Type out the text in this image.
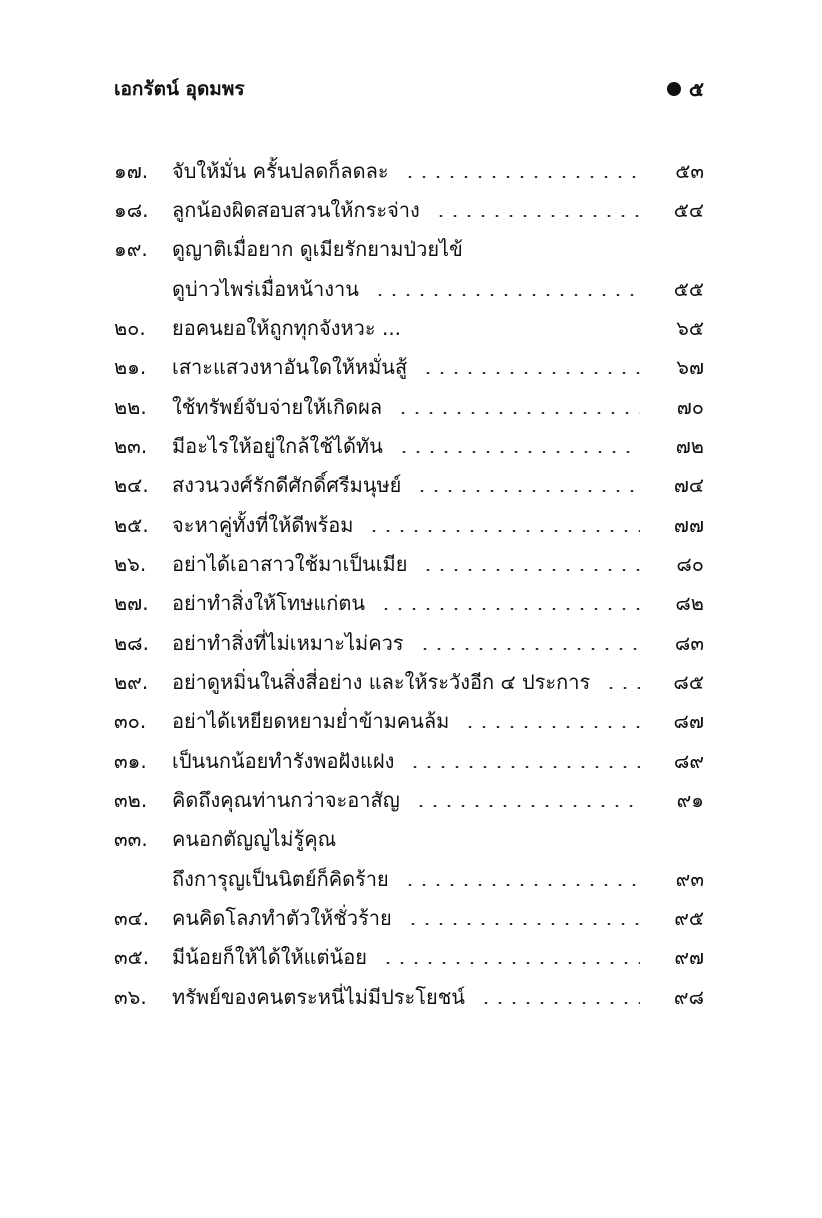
เอกรัตน์ อุดมพร	๕
๑๗.	จับให้มั่น ครั้นปลดก็ลดละ	๕๓
๑๘.	ลูกน้องผิดสอบสวนให้กระจ่าง	๕๔
๑๙.	ดูญาติเมื่อยาก ดูเมียรักยามป่วยไข้
ดูบ่าวไพร่เมื่อหน้างาน	๕๕
๒๐.	ยอคนยอให้ถูกทุกจังหวะ ...	๖๕
๒๑.	เสาะแสวงหาอันใดให้หมั่นสู้	๖๗
๒๒.	ใช้ทรัพย์จับจ่ายให้เกิดผล	๗๐
๒๓.	มีอะไรให้อยู่ใกล้ใช้ได้ทัน	๗๒
๒๔.	สงวนวงศ์รักดีศักดิ์ศรีมนุษย์	๗๔
๒๕.	จะหาคู่ทั้งที่ให้ดีพร้อม	๗๗
๒๖.	อย่าได้เอาสาวใช้มาเป็นเมีย	๘๐
๒๗.	อย่าทำสิ่งให้โทษแก่ตน	๘๒
๒๘.	อย่าทำสิ่งที่ไม่เหมาะไม่ควร	๘๓
๒๙.	อย่าดูหมิ่นในสิ่งสี่อย่าง และให้ระวังอีก ๔ ประการ	๘๕
๓๐.	อย่าได้เหยียดหยามย่ำข้ามคนล้ม	๘๗
๓๑.	เป็นนกน้อยทำรังพอฝังแฝง	๘๙
๓๒.	คิดถึงคุณท่านกว่าจะอาสัญ	๙๑
๓๓.	คนอกตัญญูไม่รู้คุณ
ถึงการุญเป็นนิตย์ก็คิดร้าย	๙๓
๓๔.	คนคิดโลภทำตัวให้ชั่วร้าย	๙๕
๓๕.	มีน้อยก็ให้ได้ให้แต่น้อย	๙๗
๓๖.	ทรัพย์ของคนตระหนี่ไม่มีประโยชน์	๙๘
